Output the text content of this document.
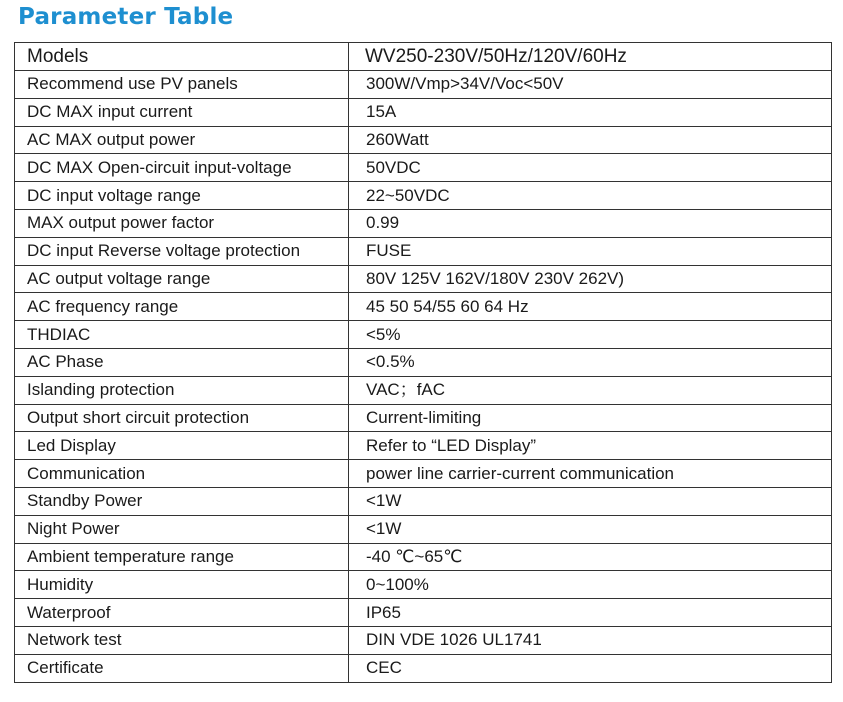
Parameter Table
Models	WV250-230V/50Hz/120V/60Hz
Recommend use PV panels	300W/Vmp>34V/Voc<50V
DC MAX input current	15A
AC MAX output power	260Watt
DC MAX Open-circuit input-voltage	50VDC
DC input voltage range	22~50VDC
MAX output power factor	0.99
DC input Reverse voltage protection	FUSE
AC output voltage range	80V 125V 162V/180V 230V 262V)
AC frequency range	45 50 54/55 60 64 Hz
THDIAC	<5%
AC Phase	<0.5%
Islanding protection	VAC；fAC
Output short circuit protection	Current-limiting
Led Display	Refer to “LED Display”
Communication	power line carrier-current communication
Standby Power	<1W
Night Power	<1W
Ambient temperature range	-40 ℃~65℃
Humidity	0~100%
Waterproof	IP65
Network test	DIN VDE 1026 UL1741
Certificate	CEC
